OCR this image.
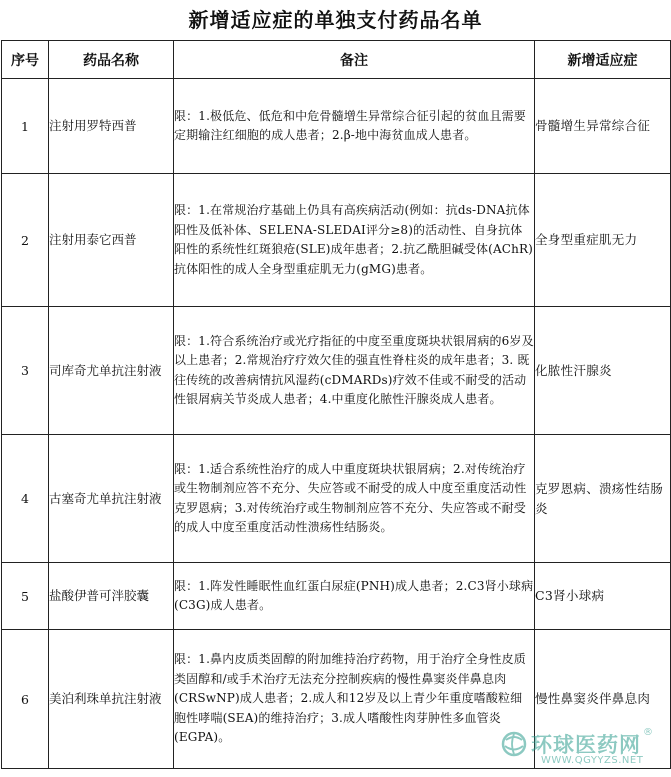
新增适应症的单独支付药品名单
序号	药品名称	备注	新增适应症
1	注射用罗特西普	限：1.极低危、低危和中危骨髓增生异常综合征引起的贫血且需要定期输注红细胞的成人患者；2.β-地中海贫血成人患者。	骨髓增生异常综合征
2	注射用泰它西普	限：1.在常规治疗基础上仍具有高疾病活动(例如：抗ds-DNA抗体阳性及低补体、SELENA-SLEDAI评分≥8)的活动性、自身抗体阳性的系统性红斑狼疮(SLE)成年患者；2.抗乙酰胆碱受体(AChR)抗体阳性的成人全身型重症肌无力(gMG)患者。	全身型重症肌无力
3	司库奇尤单抗注射液	限：1.符合系统治疗或光疗指征的中度至重度斑块状银屑病的6岁及以上患者；2.常规治疗疗效欠佳的强直性脊柱炎的成年患者；3. 既往传统的改善病情抗风湿药(cDMARDs)疗效不佳或不耐受的活动性银屑病关节炎成人患者；4.中重度化脓性汗腺炎成人患者。	化脓性汗腺炎
4	古塞奇尤单抗注射液	限：1.适合系统性治疗的成人中重度斑块状银屑病；2.对传统治疗或生物制剂应答不充分、失应答或不耐受的成人中度至重度活动性克罗恩病；3.对传统治疗或生物制剂应答不充分、失应答或不耐受的成人中度至重度活动性溃疡性结肠炎。	克罗恩病、溃疡性结肠炎
5	盐酸伊普可泮胶囊	限：1.阵发性睡眠性血红蛋白尿症(PNH)成人患者；2.C3肾小球病(C3G)成人患者。	C3肾小球病
6	美泊利珠单抗注射液	限：1.鼻内皮质类固醇的附加维持治疗药物，用于治疗全身性皮质类固醇和/或手术治疗无法充分控制疾病的慢性鼻窦炎伴鼻息肉(CRSwNP)成人患者；2.成人和12岁及以上青少年重度嗜酸粒细胞性哮喘(SEA)的维持治疗；3.成人嗜酸性肉芽肿性多血管炎(EGPA)。	慢性鼻窦炎伴鼻息肉
环球医药网
®
WWW.QGYYZS.NET
